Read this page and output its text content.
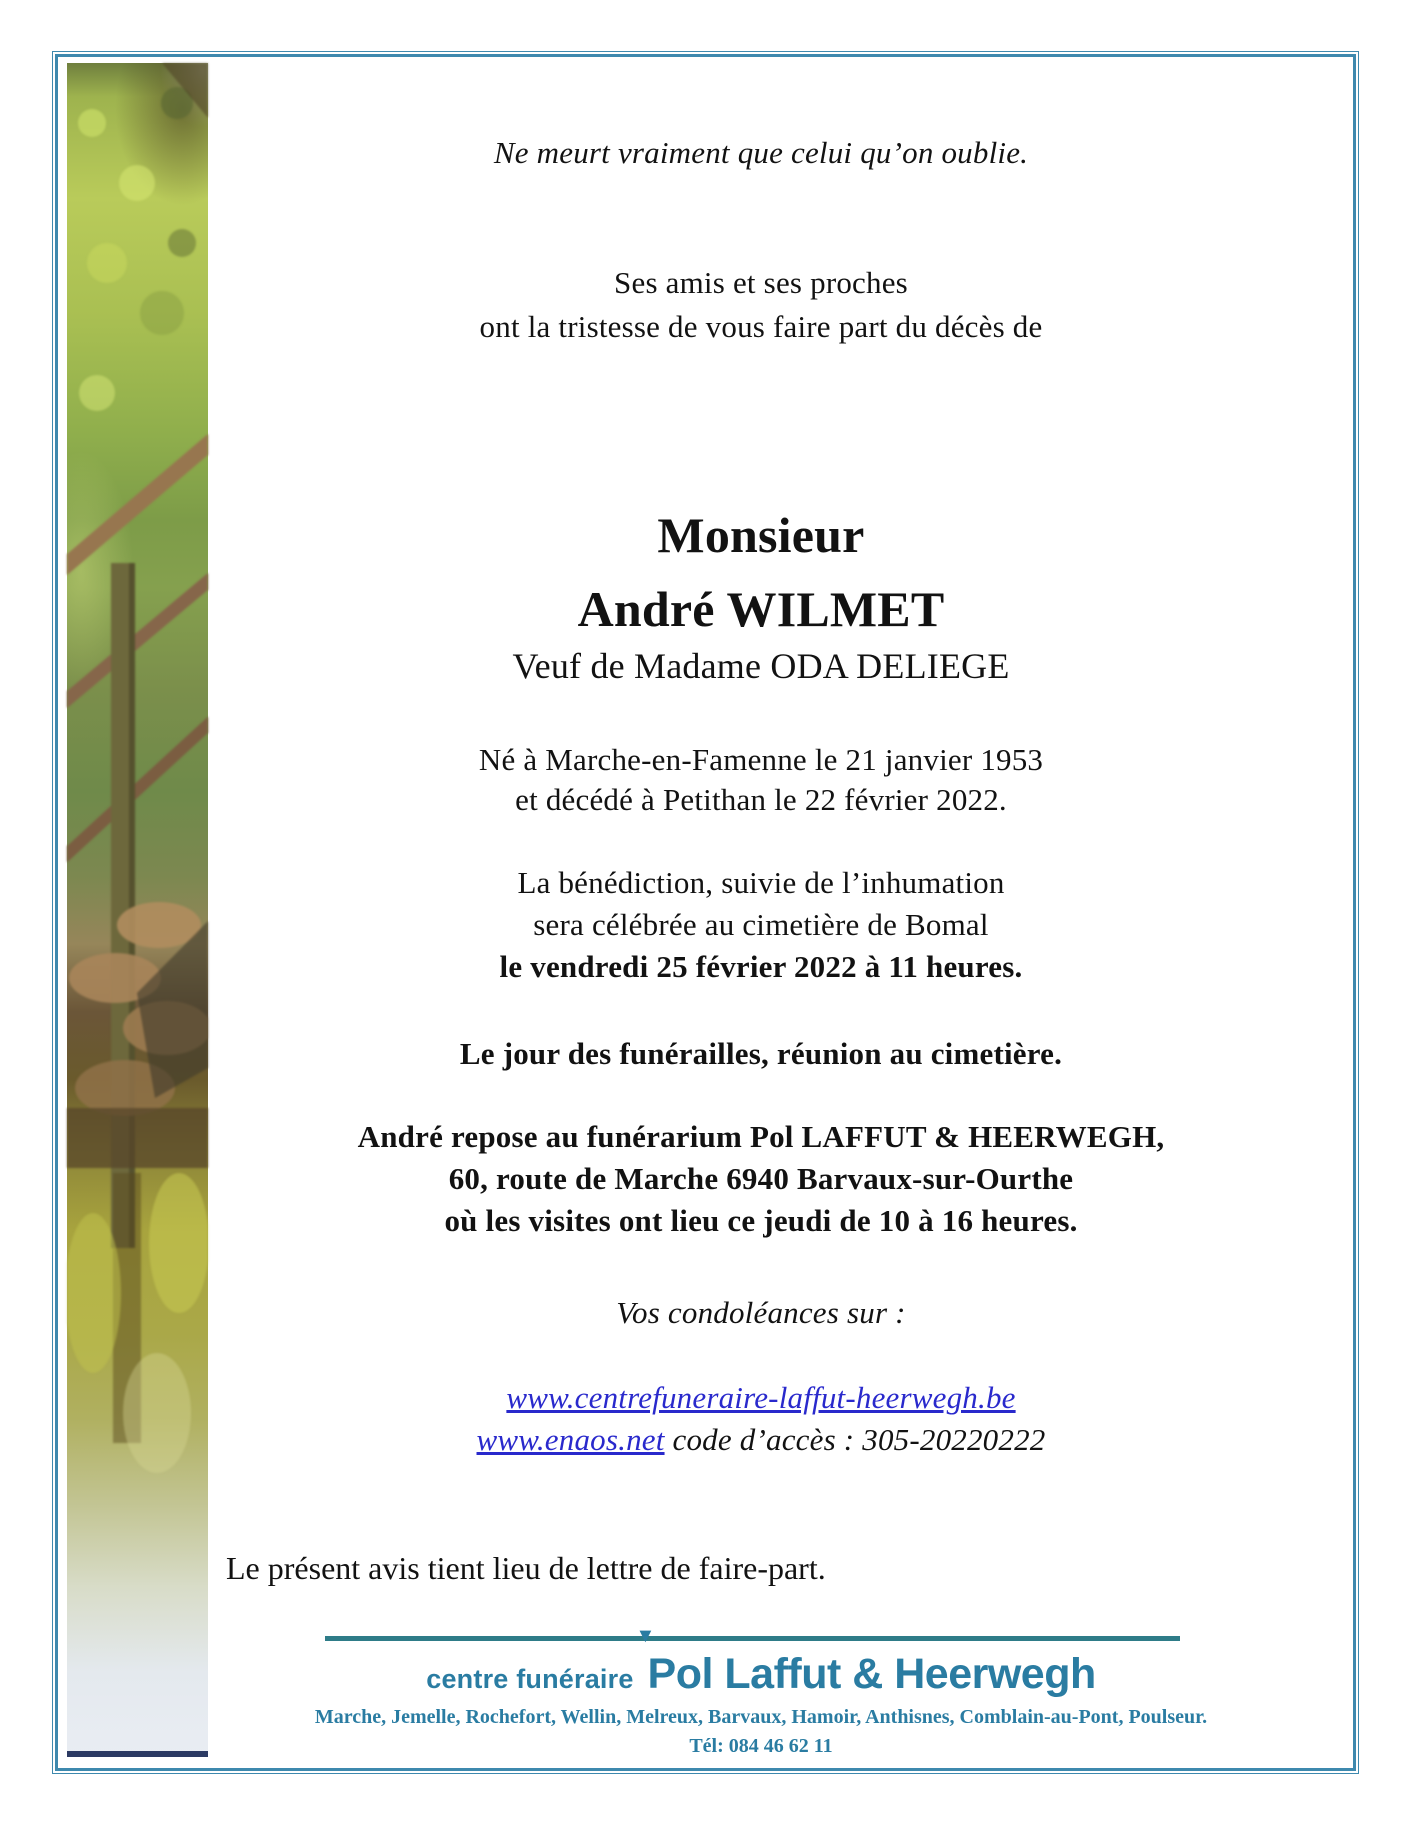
Ne meurt vraiment que celui qu’on oublie.
Ses amis et ses proches
ont la tristesse de vous faire part du décès de
Monsieur
André WILMET
Veuf de Madame ODA DELIEGE
Né à Marche-en-Famenne le 21 janvier 1953
et décédé à Petithan le 22 février 2022.
La bénédiction, suivie de l’inhumation
sera célébrée au cimetière de Bomal
le vendredi 25 février 2022 à 11 heures.
Le jour des funérailles, réunion au cimetière.
André repose au funérarium Pol LAFFUT & HEERWEGH,
60, route de Marche 6940 Barvaux-sur-Ourthe
où les visites ont lieu ce jeudi de 10 à 16 heures.
Vos condoléances sur :
www.centrefuneraire-laffut-heerwegh.be
www.enaos.net code d’accès : 305-20220222
Le présent avis tient lieu de lettre de faire-part.
centre funéraire
▼
Pol Laffut & Heerwegh
Marche, Jemelle, Rochefort, Wellin, Melreux, Barvaux, Hamoir, Anthisnes, Comblain-au-Pont, Poulseur.
Tél: 084 46 62 11
